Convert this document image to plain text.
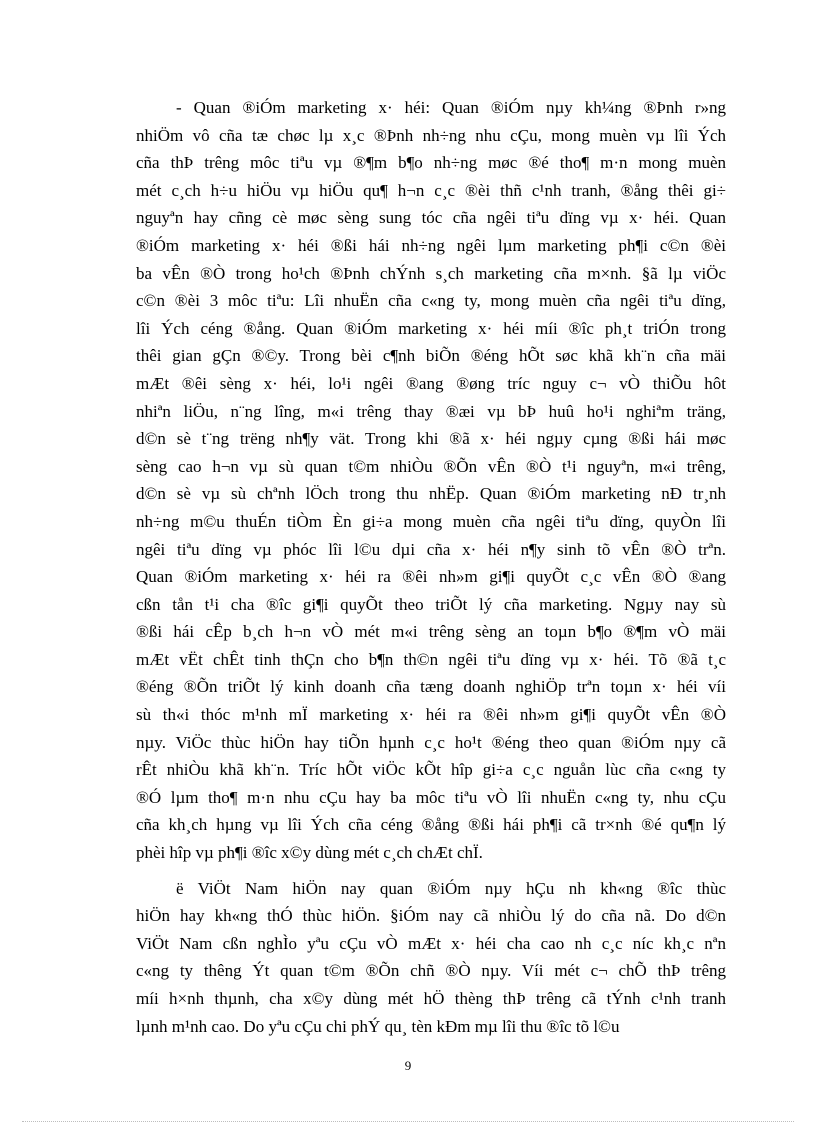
- Quan ®iÓm marketing x· héi: Quan ®iÓm nµy kh¼ng ®Þnh r»ng
nhiÖm vô cña tæ chøc lµ x¸c ®Þnh nh÷ng nhu cÇu, mong muèn vµ lîi Ých
cña thÞ trêng môc tiªu vµ ®¶m b¶o nh÷ng møc ®é tho¶ m·n mong muèn
mét c¸ch h÷u hiÖu vµ hiÖu qu¶ h¬n c¸c ®èi thñ c¹nh tranh, ®ång thêi gi÷
nguyªn hay cñng cè møc sèng sung tóc cña ngêi tiªu dïng vµ x· héi. Quan
®iÓm marketing x· héi ®ßi hái nh÷ng ngêi lµm marketing ph¶i c©n ®èi
ba vÊn ®Ò trong ho¹ch ®Þnh chÝnh s¸ch marketing cña m×nh. §ã lµ viÖc
c©n ®èi 3 môc tiªu: Lîi nhuËn cña c«ng ty, mong muèn cña ngêi tiªu dïng,
lîi Ých céng ®ång. Quan ®iÓm marketing x· héi míi ®îc ph¸t triÓn trong
thêi gian gÇn ®©y. Trong bèi c¶nh biÕn ®éng hÕt søc khã kh¨n cña mäi
mÆt ®êi sèng x· héi, lo¹i ngêi ®ang ®øng tríc nguy c¬ vÒ thiÕu hôt
nhiªn liÖu, n¨ng lîng, m«i trêng thay ®æi vµ bÞ huû ho¹i nghiªm träng,
d©n sè t¨ng trëng nh¶y vät. Trong khi ®ã x· héi ngµy cµng ®ßi hái møc
sèng cao h¬n vµ sù quan t©m nhiÒu ®Õn vÊn ®Ò t¹i nguyªn, m«i trêng,
d©n sè vµ sù chªnh lÖch trong thu nhËp. Quan ®iÓm marketing nÐ tr¸nh
nh÷ng m©u thuÉn tiÒm Èn gi÷a mong muèn cña ngêi tiªu dïng, quyÒn lîi
ngêi tiªu dïng vµ phóc lîi l©u dµi cña x· héi n¶y sinh tõ vÊn ®Ò trªn.
Quan ®iÓm marketing x· héi ra ®êi nh»m gi¶i quyÕt c¸c vÊn ®Ò ®ang
cßn tån t¹i cha ®îc gi¶i quyÕt theo triÕt lý cña marketing. Ngµy nay sù
®ßi hái cÊp b¸ch h¬n vÒ mét m«i trêng sèng an toµn b¶o ®¶m vÒ mäi
mÆt vËt chÊt tinh thÇn cho b¶n th©n ngêi tiªu dïng vµ x· héi. Tõ ®ã t¸c
®éng ®Õn triÕt lý kinh doanh cña tæng doanh nghiÖp trªn toµn x· héi víi
sù th«i thóc m¹nh mÏ marketing x· héi ra ®êi nh»m gi¶i quyÕt vÊn ®Ò
nµy. ViÖc thùc hiÖn hay tiÕn hµnh c¸c ho¹t ®éng theo quan ®iÓm nµy cã
rÊt nhiÒu khã kh¨n. Tríc hÕt viÖc kÕt hîp gi÷a c¸c nguån lùc cña c«ng ty
®Ó lµm tho¶ m·n nhu cÇu hay ba môc tiªu vÒ lîi nhuËn c«ng ty, nhu cÇu
cña kh¸ch hµng vµ lîi Ých cña céng ®ång ®ßi hái ph¶i cã tr×nh ®é qu¶n lý
phèi hîp vµ ph¶i ®îc x©y dùng mét c¸ch chÆt chÏ.
ë ViÖt Nam hiÖn nay quan ®iÓm nµy hÇu nh kh«ng ®îc thùc
hiÖn hay kh«ng thÓ thùc hiÖn. §iÓm nay cã nhiÒu lý do cña nã. Do d©n
ViÖt Nam cßn nghÌo yªu cÇu vÒ mÆt x· héi cha cao nh c¸c níc kh¸c nªn
c«ng ty thêng Ýt quan t©m ®Õn chñ ®Ò nµy. Víi mét c¬ chÕ thÞ trêng
míi h×nh thµnh, cha x©y dùng mét hÖ thèng thÞ trêng cã tÝnh c¹nh tranh
lµnh m¹nh cao. Do yªu cÇu chi phÝ qu¸ tèn kÐm mµ lîi thu ®îc tõ l©u
9
